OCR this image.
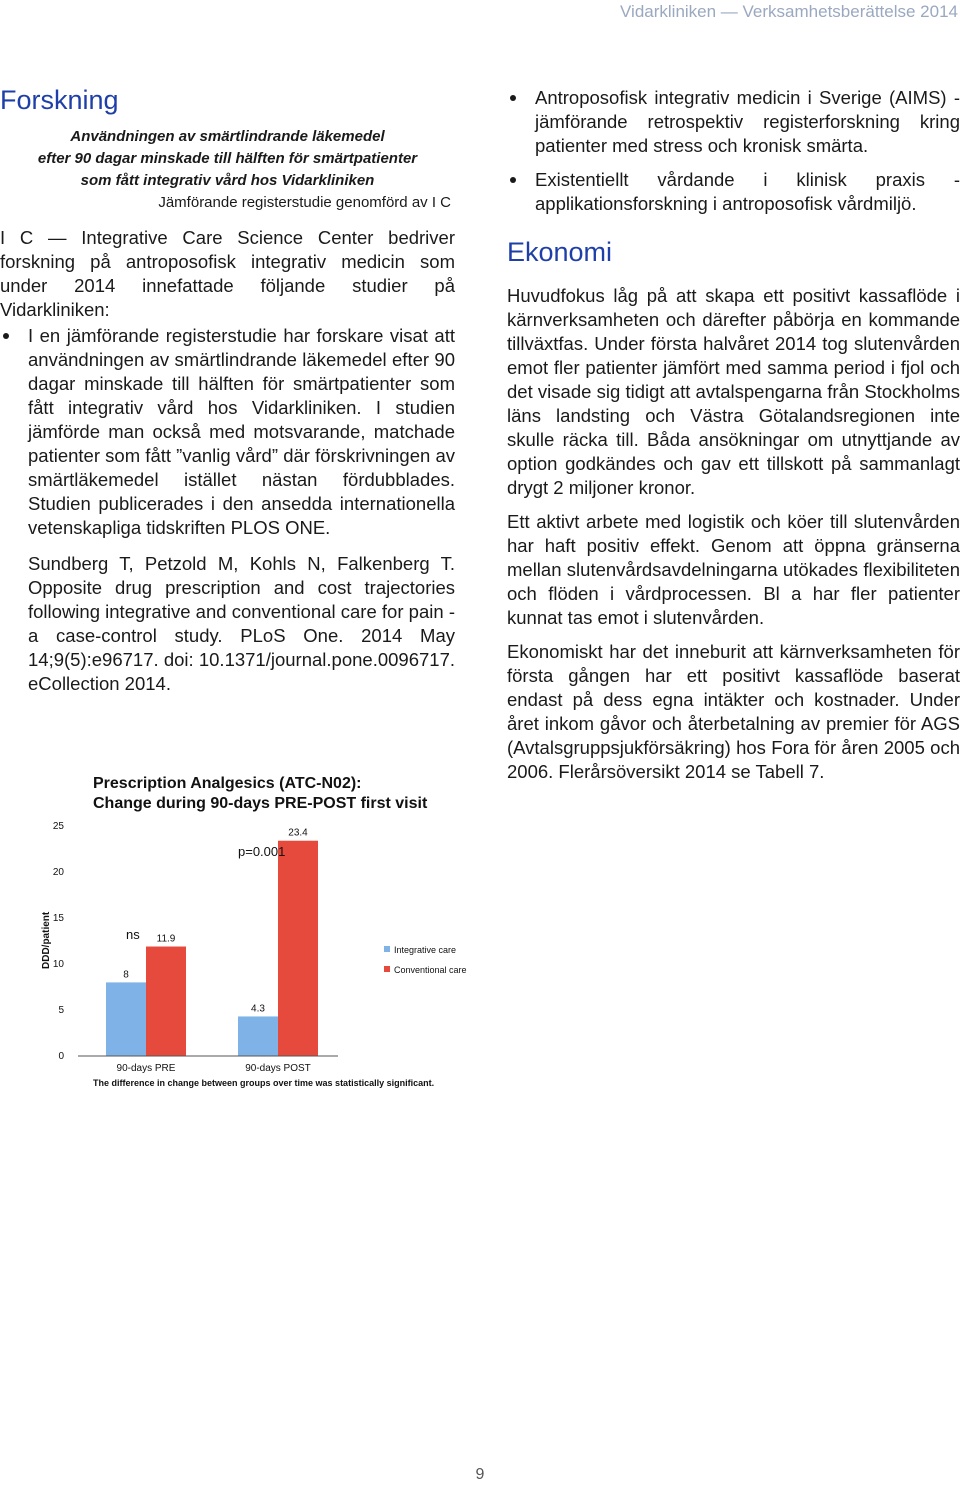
Vidarkliniken — Verksamhetsberättelse 2014
Forskning
Användningen av smärtlindrande läkemedel
efter 90 dagar minskade till hälften för smärtpatienter
som fått integrativ vård hos Vidarkliniken
Jämförande registerstudie genomförd av I C

I C — Integrative Care Science Center bedriver forskning på antroposofisk integrativ medicin som under 2014 innefattade följande studier på Vidarkliniken:

I en jämförande registerstudie har forskare visat att användningen av smärtlindrande läkemedel efter 90 dagar minskade till hälften för smärtpatienter som fått integrativ vård hos Vidarkliniken. I studien jämförde man också med motsvarande, matchade patienter som fått ”vanlig vård” där förskrivningen av smärtläkemedel istället nästan fördubblades. Studien publicerades i den ansedda internationella vetenskapliga tidskriften PLOS ONE.

Sundberg T, Petzold M, Kohls N, Falkenberg T. Opposite drug prescription and cost trajectories following integrative and conventional care for pain - a case-control study. PLoS One. 2014 May 14;9(5):e96717. doi: 10.1371/journal.pone.0096717. eCollection 2014.

Prescription Analgesics (ATC-N02):
Change during 90-days PRE-POST first visit
DDD/patient
0
5
10
15
20
25
8
11.9
90-days PRE
4.3
23.4
90-days POST
ns
p=0.001
Integrative care
Conventional care
The difference in change between groups over time was statistically significant.
Antroposofisk integrativ medicin i Sverige (AIMS) - jämförande retrospektiv registerforskning kring patienter med stress och kronisk smärta.
Existentiellt vårdande i klinisk praxis - applikationsforskning i antroposofisk vårdmiljö.
Ekonomi

Huvudfokus låg på att skapa ett positivt kassaflöde i kärnverksamheten och därefter påbörja en kommande tillväxtfas. Under första halvåret 2014 tog slutenvården emot fler patienter jämfört med samma period i fjol och det visade sig tidigt att avtalspengarna från Stockholms läns landsting och Västra Götalandsregionen inte skulle räcka till. Båda ansökningar om utnyttjande av option godkändes och gav ett tillskott på sammanlagt drygt 2 miljoner kronor.

Ett aktivt arbete med logistik och köer till slutenvården har haft positiv effekt. Genom att öppna gränserna mellan slutenvårdsavdelningarna utökades flexibiliteten och flöden i vårdprocessen. Bl a har fler patienter kunnat tas emot i slutenvården.

Ekonomiskt har det inneburit att kärnverksamheten för första gången har ett positivt kassaflöde baserat endast på dess egna intäkter och kostnader. Under året inkom gåvor och återbetalning av premier för AGS (Avtalsgruppsjukförsäkring) hos Fora för åren 2005 och 2006. Flerårsöversikt 2014 se Tabell 7.

9
